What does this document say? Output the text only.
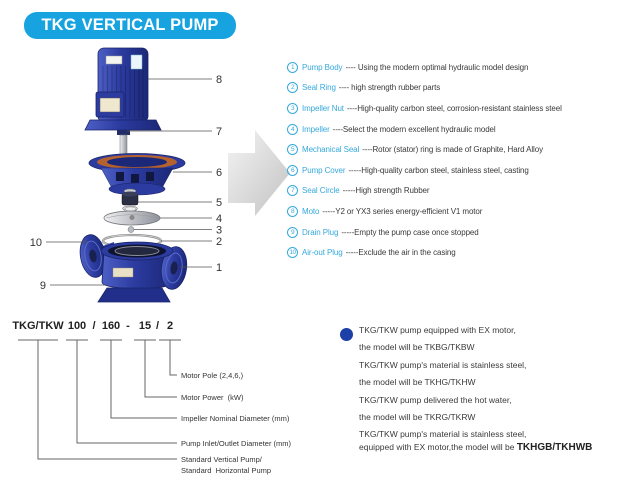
TKG VERTICAL PUMP
8
7
6
5
4
3
2
1
10
9
1 Pump Body ---- Using the modern optimal hydraulic model design
2 Seal Ring ---- high strength rubber parts
3 Impeller Nut ----High-quality carbon steel, corrosion-resistant stainless steel
4 Impeller ----Select the modern excellent hydraulic model
5 Mechanical Seal ----Rotor (stator) ring is made of Graphite, Hard Alloy
6 Pump Cover -----High-quality carbon steel, stainless steel, casting
7 Seal Circle -----High strength Rubber
8 Moto -----Y2 or YX3 series energy-efficient V1 motor
9 Drain Plug -----Empty the pump case once stopped
10 Air-out Plug -----Exclude the air in the casing
TKG/TKW 100 / 160 - 15 / 2
Motor Pole (2,4,6,)
Motor Power  (kW)
Impeller Nominal Diameter (mm)
Pump Inlet/Outlet Diameter (mm)
Standard Vertical Pump/
Standard  Horizontal Pump
TKG/TKW pump equipped with EX motor,
the model will be TKBG/TKBW
TKG/TKW pump's material is stainless steel,
the model will be TKHG/TKHW
TKG/TKW pump delivered the hot water,
the model will be TKRG/TKRW
TKG/TKW pump's material is stainless steel,
equipped with EX motor,the model will be TKHGB/TKHWB
